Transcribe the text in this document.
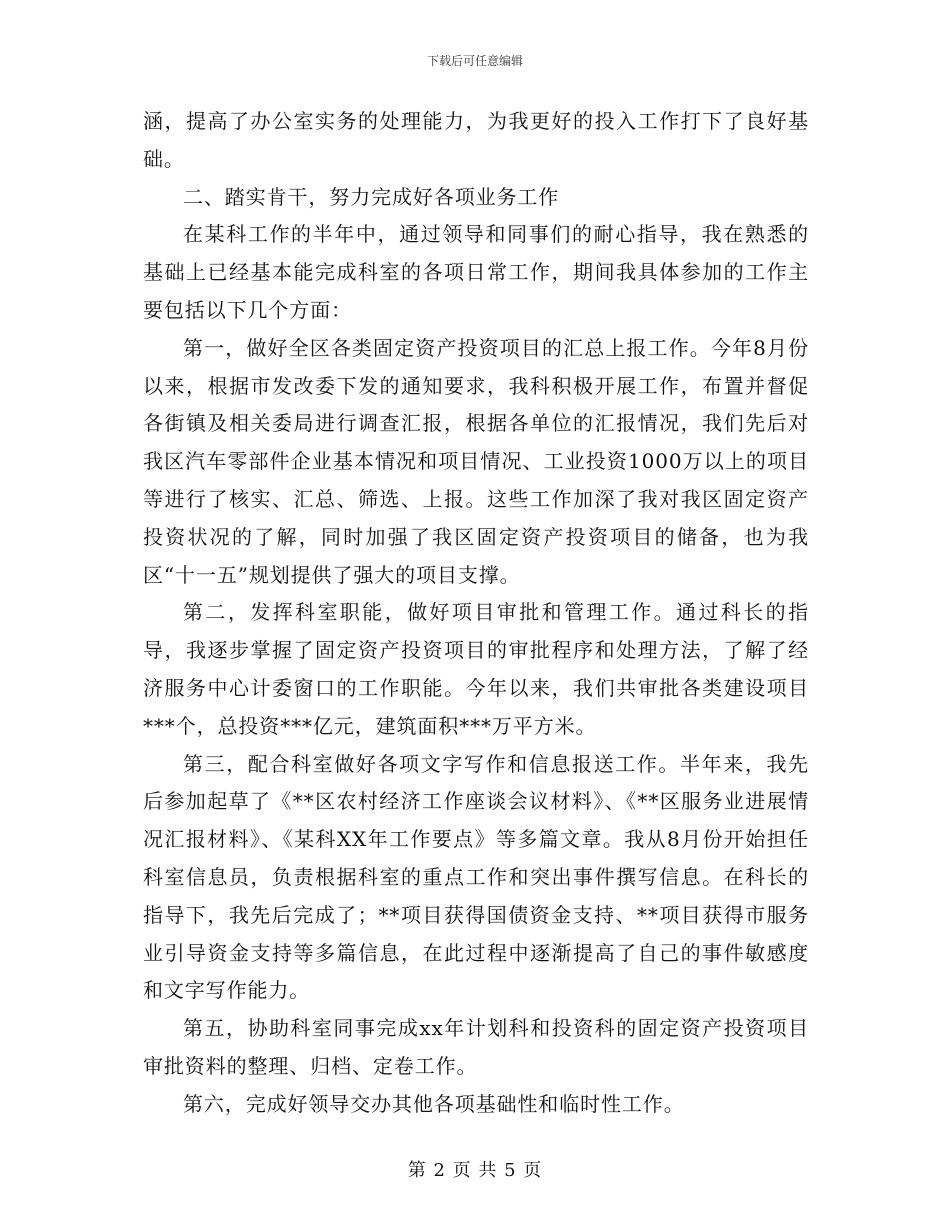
下载后可任意编辑

涵，提高了办公室实务的处理能力，为我更好的投入工作打下了良好基础。

二、踏实肯干，努力完成好各项业务工作

在某科工作的半年中，通过领导和同事们的耐心指导，我在熟悉的基础上已经基本能完成科室的各项日常工作，期间我具体参加的工作主要包括以下几个方面：

第一，做好全区各类固定资产投资项目的汇总上报工作。今年8月份以来，根据市发改委下发的通知要求，我科积极开展工作，布置并督促各街镇及相关委局进行调查汇报，根据各单位的汇报情况，我们先后对我区汽车零部件企业基本情况和项目情况、工业投资1000万以上的项目等进行了核实、汇总、筛选、上报。这些工作加深了我对我区固定资产投资状况的了解，同时加强了我区固定资产投资项目的储备，也为我区“十一五”规划提供了强大的项目支撑。

第二，发挥科室职能，做好项目审批和管理工作。通过科长的指导，我逐步掌握了固定资产投资项目的审批程序和处理方法，了解了经济服务中心计委窗口的工作职能。今年以来，我们共审批各类建设项目***个，总投资***亿元，建筑面积***万平方米。

第三，配合科室做好各项文字写作和信息报送工作。半年来，我先后参加起草了《**区农村经济工作座谈会议材料》、《**区服务业进展情况汇报材料》、《某科XX年工作要点》等多篇文章。我从8月份开始担任科室信息员，负责根据科室的重点工作和突出事件撰写信息。在科长的指导下，我先后完成了；**项目获得国债资金支持、**项目获得市服务业引导资金支持等多篇信息，在此过程中逐渐提高了自己的事件敏感度和文字写作能力。

第五，协助科室同事完成xx年计划科和投资科的固定资产投资项目审批资料的整理、归档、定卷工作。

第六，完成好领导交办其他各项基础性和临时性工作。

第 2 页 共 5 页
